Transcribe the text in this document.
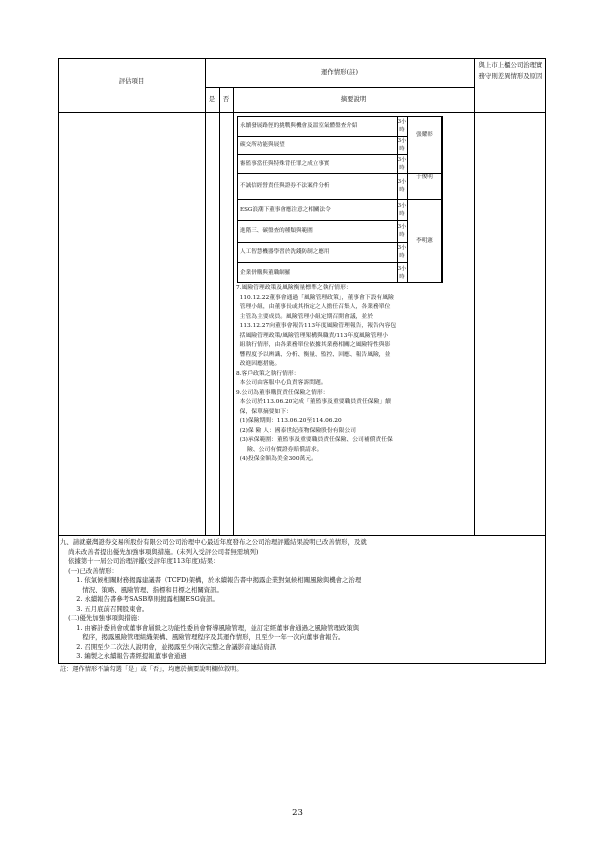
評估項目
運作情形(註)
是	否	摘要說明
與上市上櫃公司治理實務守則差異情形及原因
永續發展路徑的挑戰與機會及溫室氣體盤查介紹
3小時
碳交所功能與展望
3小時
審監事當任與特殊背任罪之成立事實
3小時
不誠信經營責任與證券不法案件分析
3小時
ESG浪潮下董事會應注意之相關法令
3小時
進階三、碳盤查的種類與範圍
3小時
人工智慧機器學習於洗錢防制之應用
3小時
企業併購與董職網羅
3小時
張耀彰
于俊明
李明憲
7.風險管理政策及風險衡量標準之執行情形：
110.12.22董事會通過「風險管理政策」，董事會下設有風險
管理小組，由董事長或其指定之人擔任召集人，各業務單位
主管為主要成員。風險管理小組定期召開會議，並於
113.12.27向董事會報告113年度風險管理報告，報告內容包
括風險管理政策/風險管理架構與職責/113年度風險管理小
組執行情形，由各業務單位依據其業務相關之風險特性與影
響程度予以辨識、分析、衡量、監控、回應、報告風險，並
改進因應措施。
8.客戶政策之執行情形：
本公司由客服中心負責客訴問題。
9.公司為董事購買責任保險之情形：
本公司於113.06.20完成「董監事及重要職員責任保險」續
保，保單摘要如下：
(1)保險期間：113.06.20至114.06.20
(2)保 險 人：國泰世紀產物保險股份有限公司
(3)承保範圍：董監事及重要職員責任保險、公司補償責任保
險、公司有價證券賠償請求。
(4)投保金額為美金300萬元。
九、請就臺灣證券交易所股份有限公司公司治理中心最近年度發布之公司治理評鑑結果說明已改善情形，及就
尚未改善者提出優先加強事項與措施。(未列入受評公司者無需填列)
依據第十一屆公司治理評鑑(受評年度113年度)結果：
(一)已改善情形：
1. 依氣候相關財務揭露建議書（TCFD)架構，於永續報告書中揭露企業對氣候相關風險與機會之治理
情況、策略、風險管理、指標和目標之相關資訊。
2. 永續報告書參考SASB準則揭露相關ESG資訊。
3. 五月底前召開股東會。
(二)優先加強事項與措施：
1. 由審計委員會或董事會層級之功能性委員會督導風險管理，並訂定經董事會通過之風險管理政策與
程序，揭露風險管理組織架構、風險管理程序及其運作情形，且至少一年一次向董事會報告。
2. 召開至少二次法人說明會，並揭露至少兩次完整之會議影音連結資訊
3. 編製之永續報告書經提報董事會通過
註：運作情形不論勾選「是」或「否」，均應於摘要說明欄位敘明。
23
